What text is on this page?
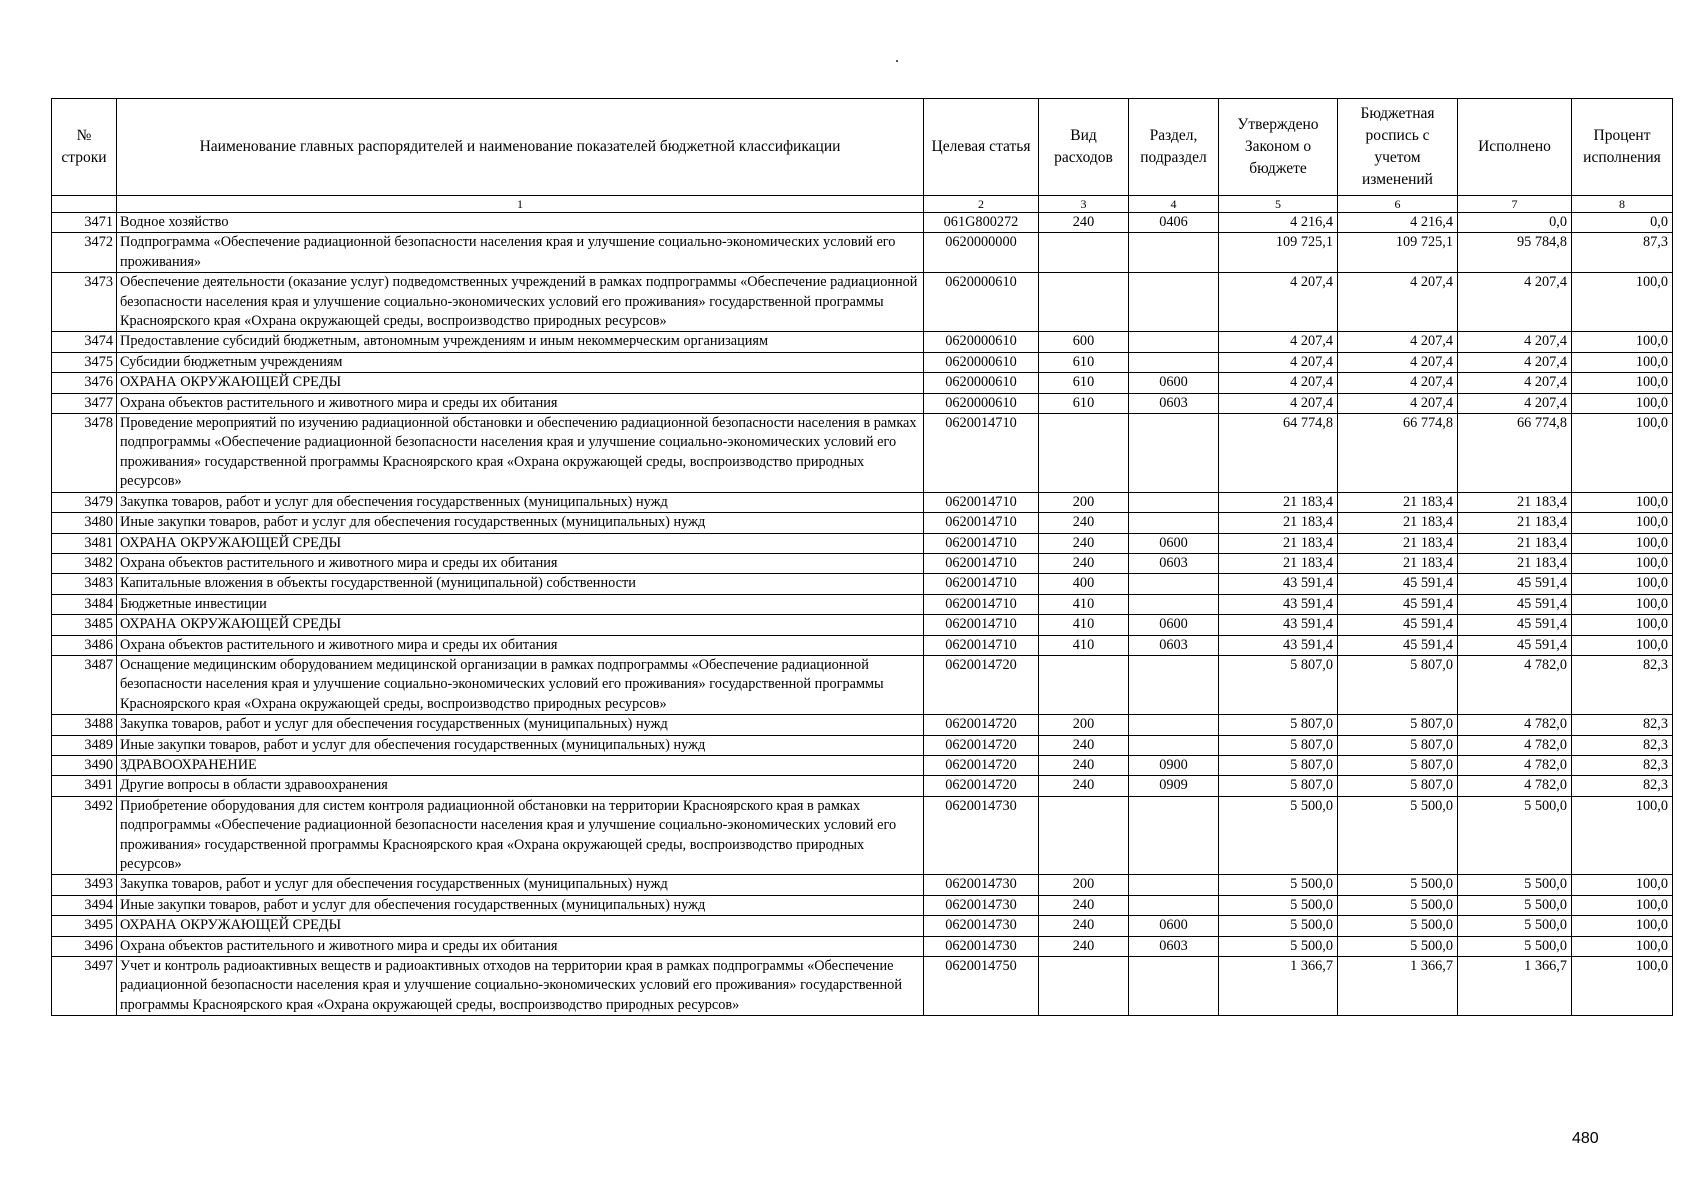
№ строки	Наименование главных распорядителей и наименование показателей бюджетной классификации	Целевая статья	Вид расходов	Раздел, подраздел	Утверждено Законом о бюджете	Бюджетная роспись с учетом изменений	Исполнено	Процент исполнения
	1	2	3	4	5	6	7	8
3471	Водное хозяйство	061G800272	240	0406	4 216,4	4 216,4	0,0	0,0
3472	Подпрограмма «Обеспечение радиационной безопасности населения края и улучшение социально-экономических условий его проживания»	0620000000			109 725,1	109 725,1	95 784,8	87,3
3473	Обеспечение деятельности (оказание услуг) подведомственных учреждений в рамках подпрограммы «Обеспечение радиационной безопасности населения края и улучшение социально-экономических условий его проживания» государственной программы Красноярского края «Охрана окружающей среды, воспроизводство природных ресурсов»	0620000610			4 207,4	4 207,4	4 207,4	100,0
3474	Предоставление субсидий бюджетным, автономным учреждениям и иным некоммерческим организациям	0620000610	600		4 207,4	4 207,4	4 207,4	100,0
3475	Субсидии бюджетным учреждениям	0620000610	610		4 207,4	4 207,4	4 207,4	100,0
3476	ОХРАНА ОКРУЖАЮЩЕЙ СРЕДЫ	0620000610	610	0600	4 207,4	4 207,4	4 207,4	100,0
3477	Охрана объектов растительного и животного мира и среды их обитания	0620000610	610	0603	4 207,4	4 207,4	4 207,4	100,0
3478	Проведение мероприятий по изучению радиационной обстановки и обеспечению радиационной безопасности населения в рамках подпрограммы «Обеспечение радиационной безопасности населения края и улучшение социально-экономических условий его проживания» государственной программы Красноярского края «Охрана окружающей среды, воспроизводство природных ресурсов»	0620014710			64 774,8	66 774,8	66 774,8	100,0
3479	Закупка товаров, работ и услуг для обеспечения государственных (муниципальных) нужд	0620014710	200		21 183,4	21 183,4	21 183,4	100,0
3480	Иные закупки товаров, работ и услуг для обеспечения государственных (муниципальных) нужд	0620014710	240		21 183,4	21 183,4	21 183,4	100,0
3481	ОХРАНА ОКРУЖАЮЩЕЙ СРЕДЫ	0620014710	240	0600	21 183,4	21 183,4	21 183,4	100,0
3482	Охрана объектов растительного и животного мира и среды их обитания	0620014710	240	0603	21 183,4	21 183,4	21 183,4	100,0
3483	Капитальные вложения в объекты государственной (муниципальной) собственности	0620014710	400		43 591,4	45 591,4	45 591,4	100,0
3484	Бюджетные инвестиции	0620014710	410		43 591,4	45 591,4	45 591,4	100,0
3485	ОХРАНА ОКРУЖАЮЩЕЙ СРЕДЫ	0620014710	410	0600	43 591,4	45 591,4	45 591,4	100,0
3486	Охрана объектов растительного и животного мира и среды их обитания	0620014710	410	0603	43 591,4	45 591,4	45 591,4	100,0
3487	Оснащение медицинским оборудованием медицинской организации в рамках подпрограммы «Обеспечение радиационной безопасности населения края и улучшение социально-экономических условий его проживания» государственной программы Красноярского края «Охрана окружающей среды, воспроизводство природных ресурсов»	0620014720			5 807,0	5 807,0	4 782,0	82,3
3488	Закупка товаров, работ и услуг для обеспечения государственных (муниципальных) нужд	0620014720	200		5 807,0	5 807,0	4 782,0	82,3
3489	Иные закупки товаров, работ и услуг для обеспечения государственных (муниципальных) нужд	0620014720	240		5 807,0	5 807,0	4 782,0	82,3
3490	ЗДРАВООХРАНЕНИЕ	0620014720	240	0900	5 807,0	5 807,0	4 782,0	82,3
3491	Другие вопросы в области здравоохранения	0620014720	240	0909	5 807,0	5 807,0	4 782,0	82,3
3492	Приобретение оборудования для систем контроля радиационной обстановки на территории Красноярского края в рамках подпрограммы «Обеспечение радиационной безопасности населения края и улучшение социально-экономических условий его проживания» государственной программы Красноярского края «Охрана окружающей среды, воспроизводство природных ресурсов»	0620014730			5 500,0	5 500,0	5 500,0	100,0
3493	Закупка товаров, работ и услуг для обеспечения государственных (муниципальных) нужд	0620014730	200		5 500,0	5 500,0	5 500,0	100,0
3494	Иные закупки товаров, работ и услуг для обеспечения государственных (муниципальных) нужд	0620014730	240		5 500,0	5 500,0	5 500,0	100,0
3495	ОХРАНА ОКРУЖАЮЩЕЙ СРЕДЫ	0620014730	240	0600	5 500,0	5 500,0	5 500,0	100,0
3496	Охрана объектов растительного и животного мира и среды их обитания	0620014730	240	0603	5 500,0	5 500,0	5 500,0	100,0
3497	Учет и контроль радиоактивных веществ и радиоактивных отходов на территории края в рамках подпрограммы «Обеспечение радиационной безопасности населения края и улучшение социально-экономических условий его проживания» государственной программы Красноярского края «Охрана окружающей среды, воспроизводство природных ресурсов»	0620014750			1 366,7	1 366,7	1 366,7	100,0
480
